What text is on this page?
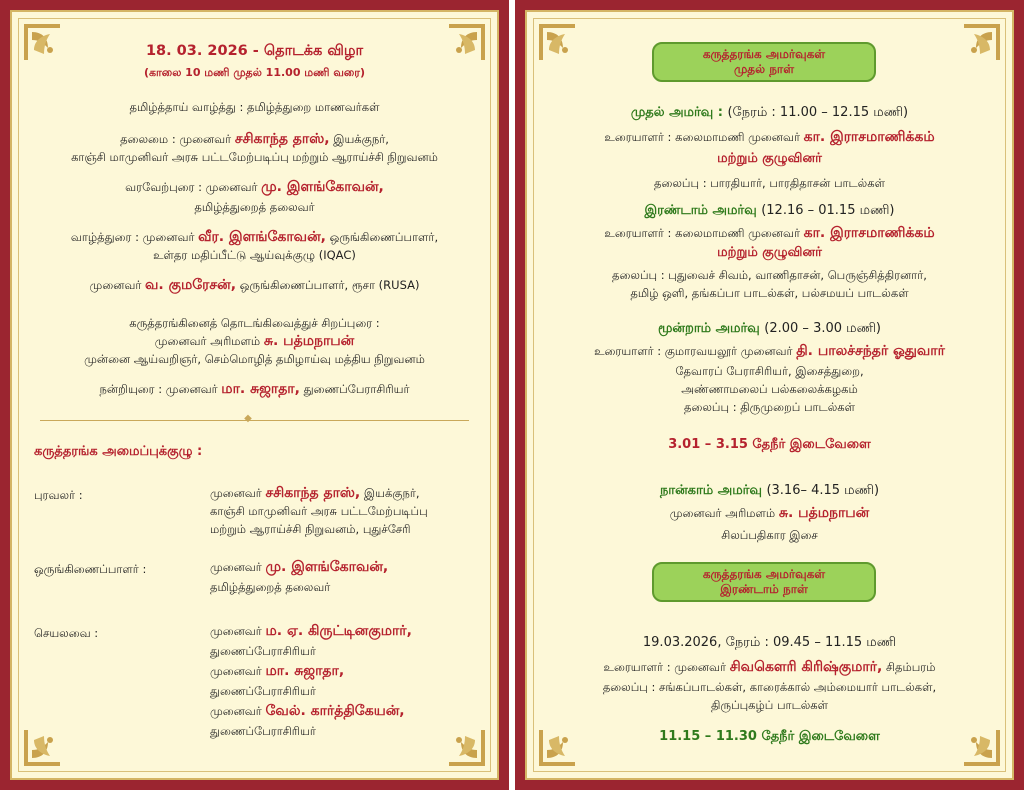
18. 03. 2026 - தொடக்க விழா
(காலை 10 மணி முதல் 11.00 மணி வரை)
தமிழ்த்தாய் வாழ்த்து : தமிழ்த்துறை மாணவர்கள்
தலைமை : முனைவர் சசிகாந்த தாஸ், இயக்குநர்,
காஞ்சி மாமுனிவர் அரசு பட்டமேற்படிப்பு மற்றும் ஆராய்ச்சி நிறுவனம்
வரவேற்புரை : முனைவர் மு. இளங்கோவன்,
தமிழ்த்துறைத் தலைவர்
வாழ்த்துரை : முனைவர் வீர. இளங்கோவன், ஒருங்கிணைப்பாளர்,
உள்தர மதிப்பீட்டு ஆய்வுக்குழு (IQAC)
முனைவர் வ. குமரேசன், ஒருங்கிணைப்பாளர், ரூசா (RUSA)
கருத்தரங்கினைத் தொடங்கிவைத்துச் சிறப்புரை :
முனைவர் அரிமளம் சு. பத்மநாபன்
முன்னை ஆய்வறிஞர், செம்மொழித் தமிழாய்வு மத்திய நிறுவனம்
நன்றியுரை : முனைவர் மா. சுஜாதா, துணைப்பேராசிரியர்
◆
கருத்தரங்க அமைப்புக்குழு :
புரவலர் :	முனைவர் சசிகாந்த தாஸ், இயக்குநர்,
காஞ்சி மாமுனிவர் அரசு பட்டமேற்படிப்பு
மற்றும் ஆராய்ச்சி நிறுவனம், புதுச்சேரி
ஒருங்கிணைப்பாளர் :	முனைவர் மு. இளங்கோவன்,
தமிழ்த்துறைத் தலைவர்
செயலவை :	முனைவர் ம. ஏ. கிருட்டினகுமார்,
துணைப்பேராசிரியர்
முனைவர் மா. சுஜாதா,
துணைப்பேராசிரியர்
முனைவர் வேல். கார்த்திகேயன்,
துணைப்பேராசிரியர்
கருத்தரங்க அமர்வுகள்
முதல் நாள்
முதல் அமர்வு : (நேரம் : 11.00 – 12.15 மணி)
உரையாளர் : கலைமாமணி முனைவர் கா. இராசமாணிக்கம்
மற்றும் குழுவினர்
தலைப்பு : பாரதியார், பாரதிதாசன் பாடல்கள்
இரண்டாம் அமர்வு (12.16 – 01.15 மணி)
உரையாளர் : கலைமாமணி முனைவர் கா. இராசமாணிக்கம்
மற்றும் குழுவினர்
தலைப்பு : புதுவைச் சிவம், வாணிதாசன், பெருஞ்சித்திரனார்,
தமிழ் ஒளி, தங்கப்பா பாடல்கள், பல்சமயப் பாடல்கள்
மூன்றாம் அமர்வு (2.00 – 3.00 மணி)
உரையாளர் : குமாரவயலூர் முனைவர் தி. பாலச்சந்தர் ஓதுவார்
தேவாரப் பேராசிரியர், இசைத்துறை,
அண்ணாமலைப் பல்கலைக்கழகம்
தலைப்பு : திருமுறைப் பாடல்கள்
3.01 – 3.15 தேநீர் இடைவேளை
நான்காம் அமர்வு (3.16– 4.15 மணி)
முனைவர் அரிமளம் சு. பத்மநாபன்
சிலப்பதிகார இசை
கருத்தரங்க அமர்வுகள்
இரண்டாம் நாள்
19.03.2026, நேரம் : 09.45 – 11.15 மணி
உரையாளர் : முனைவர் சிவகௌரி கிரிஷ்குமார், சிதம்பரம்
தலைப்பு : சங்கப்பாடல்கள், காரைக்கால் அம்மையார் பாடல்கள்,
திருப்புகழ்ப் பாடல்கள்
11.15 – 11.30 தேநீர் இடைவேளை
